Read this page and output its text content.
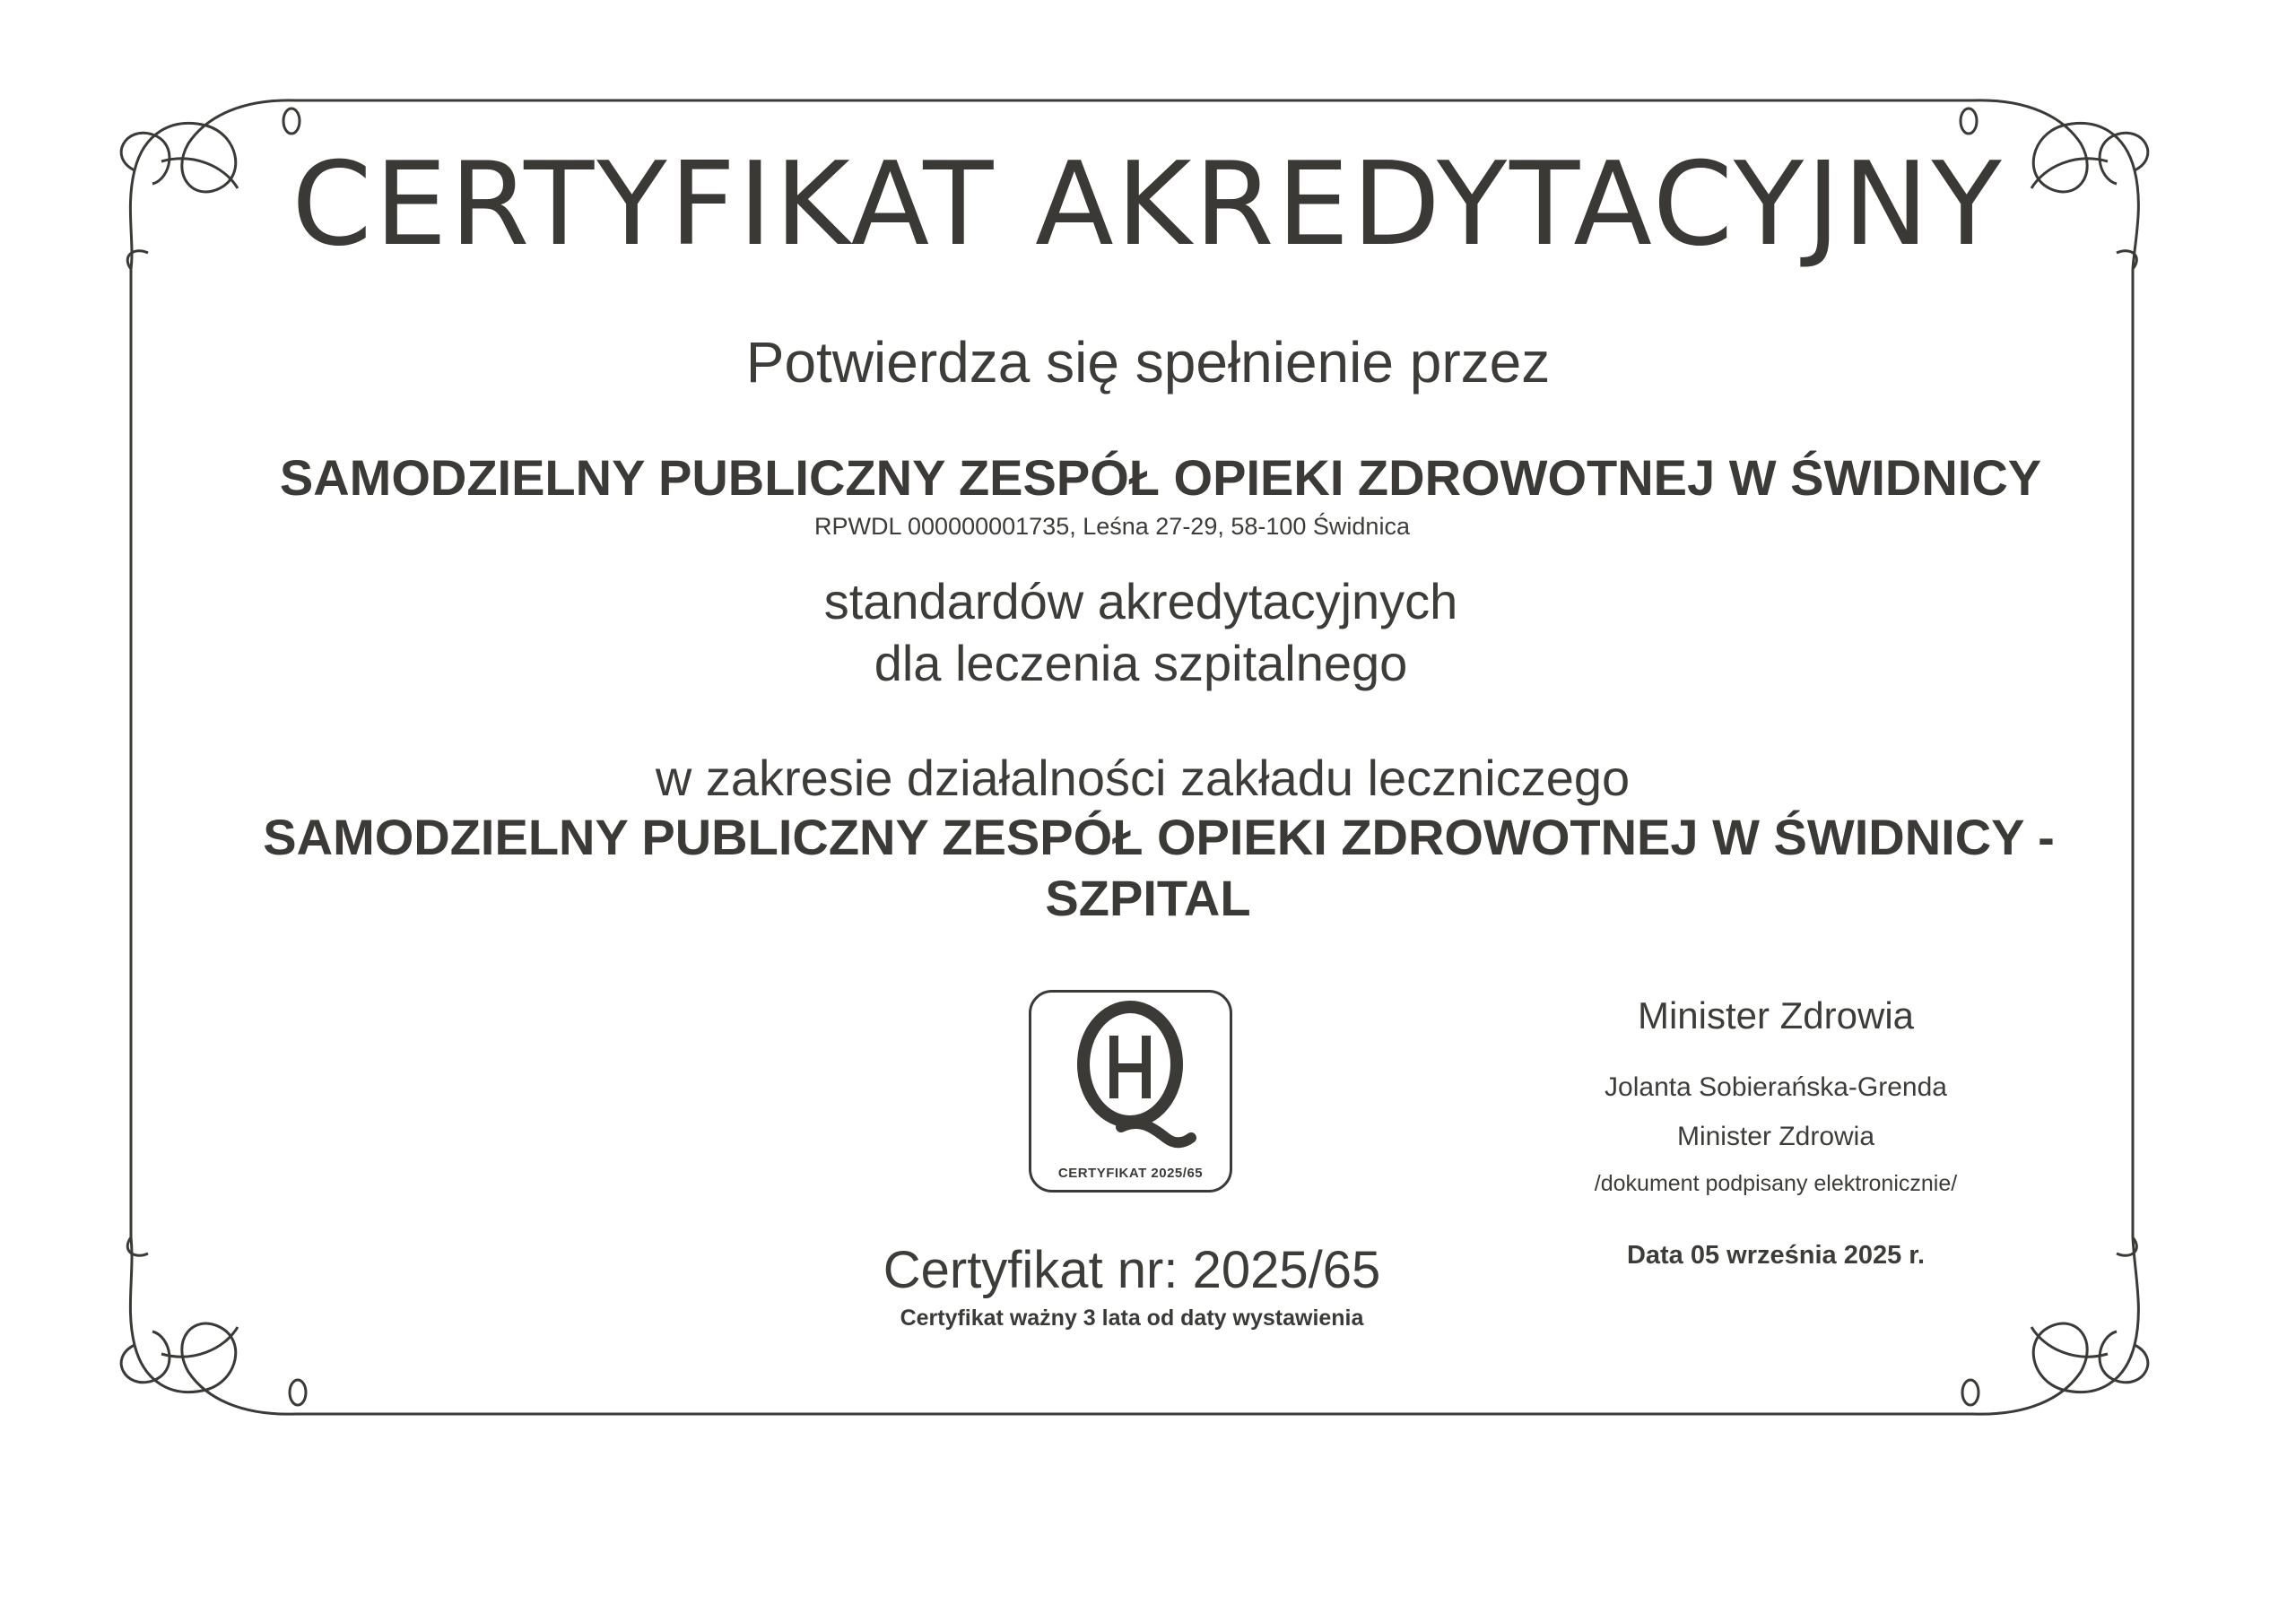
CERTYFIKAT AKREDYTACYJNY
Potwierdza się spełnienie przez
SAMODZIELNY PUBLICZNY ZESPÓŁ OPIEKI ZDROWOTNEJ W ŚWIDNICY
RPWDL 000000001735, Leśna 27-29, 58-100 Świdnica
standardów akredytacyjnych
dla leczenia szpitalnego
w zakresie działalności zakładu leczniczego
SAMODZIELNY PUBLICZNY ZESPÓŁ OPIEKI ZDROWOTNEJ W ŚWIDNICY -
SZPITAL
CERTYFIKAT 2025/65
Certyfikat nr: 2025/65
Certyfikat ważny 3 lata od daty wystawienia
Minister Zdrowia
Jolanta Sobierańska-Grenda
Minister Zdrowia
/dokument podpisany elektronicznie/
Data 05 września 2025 r.
